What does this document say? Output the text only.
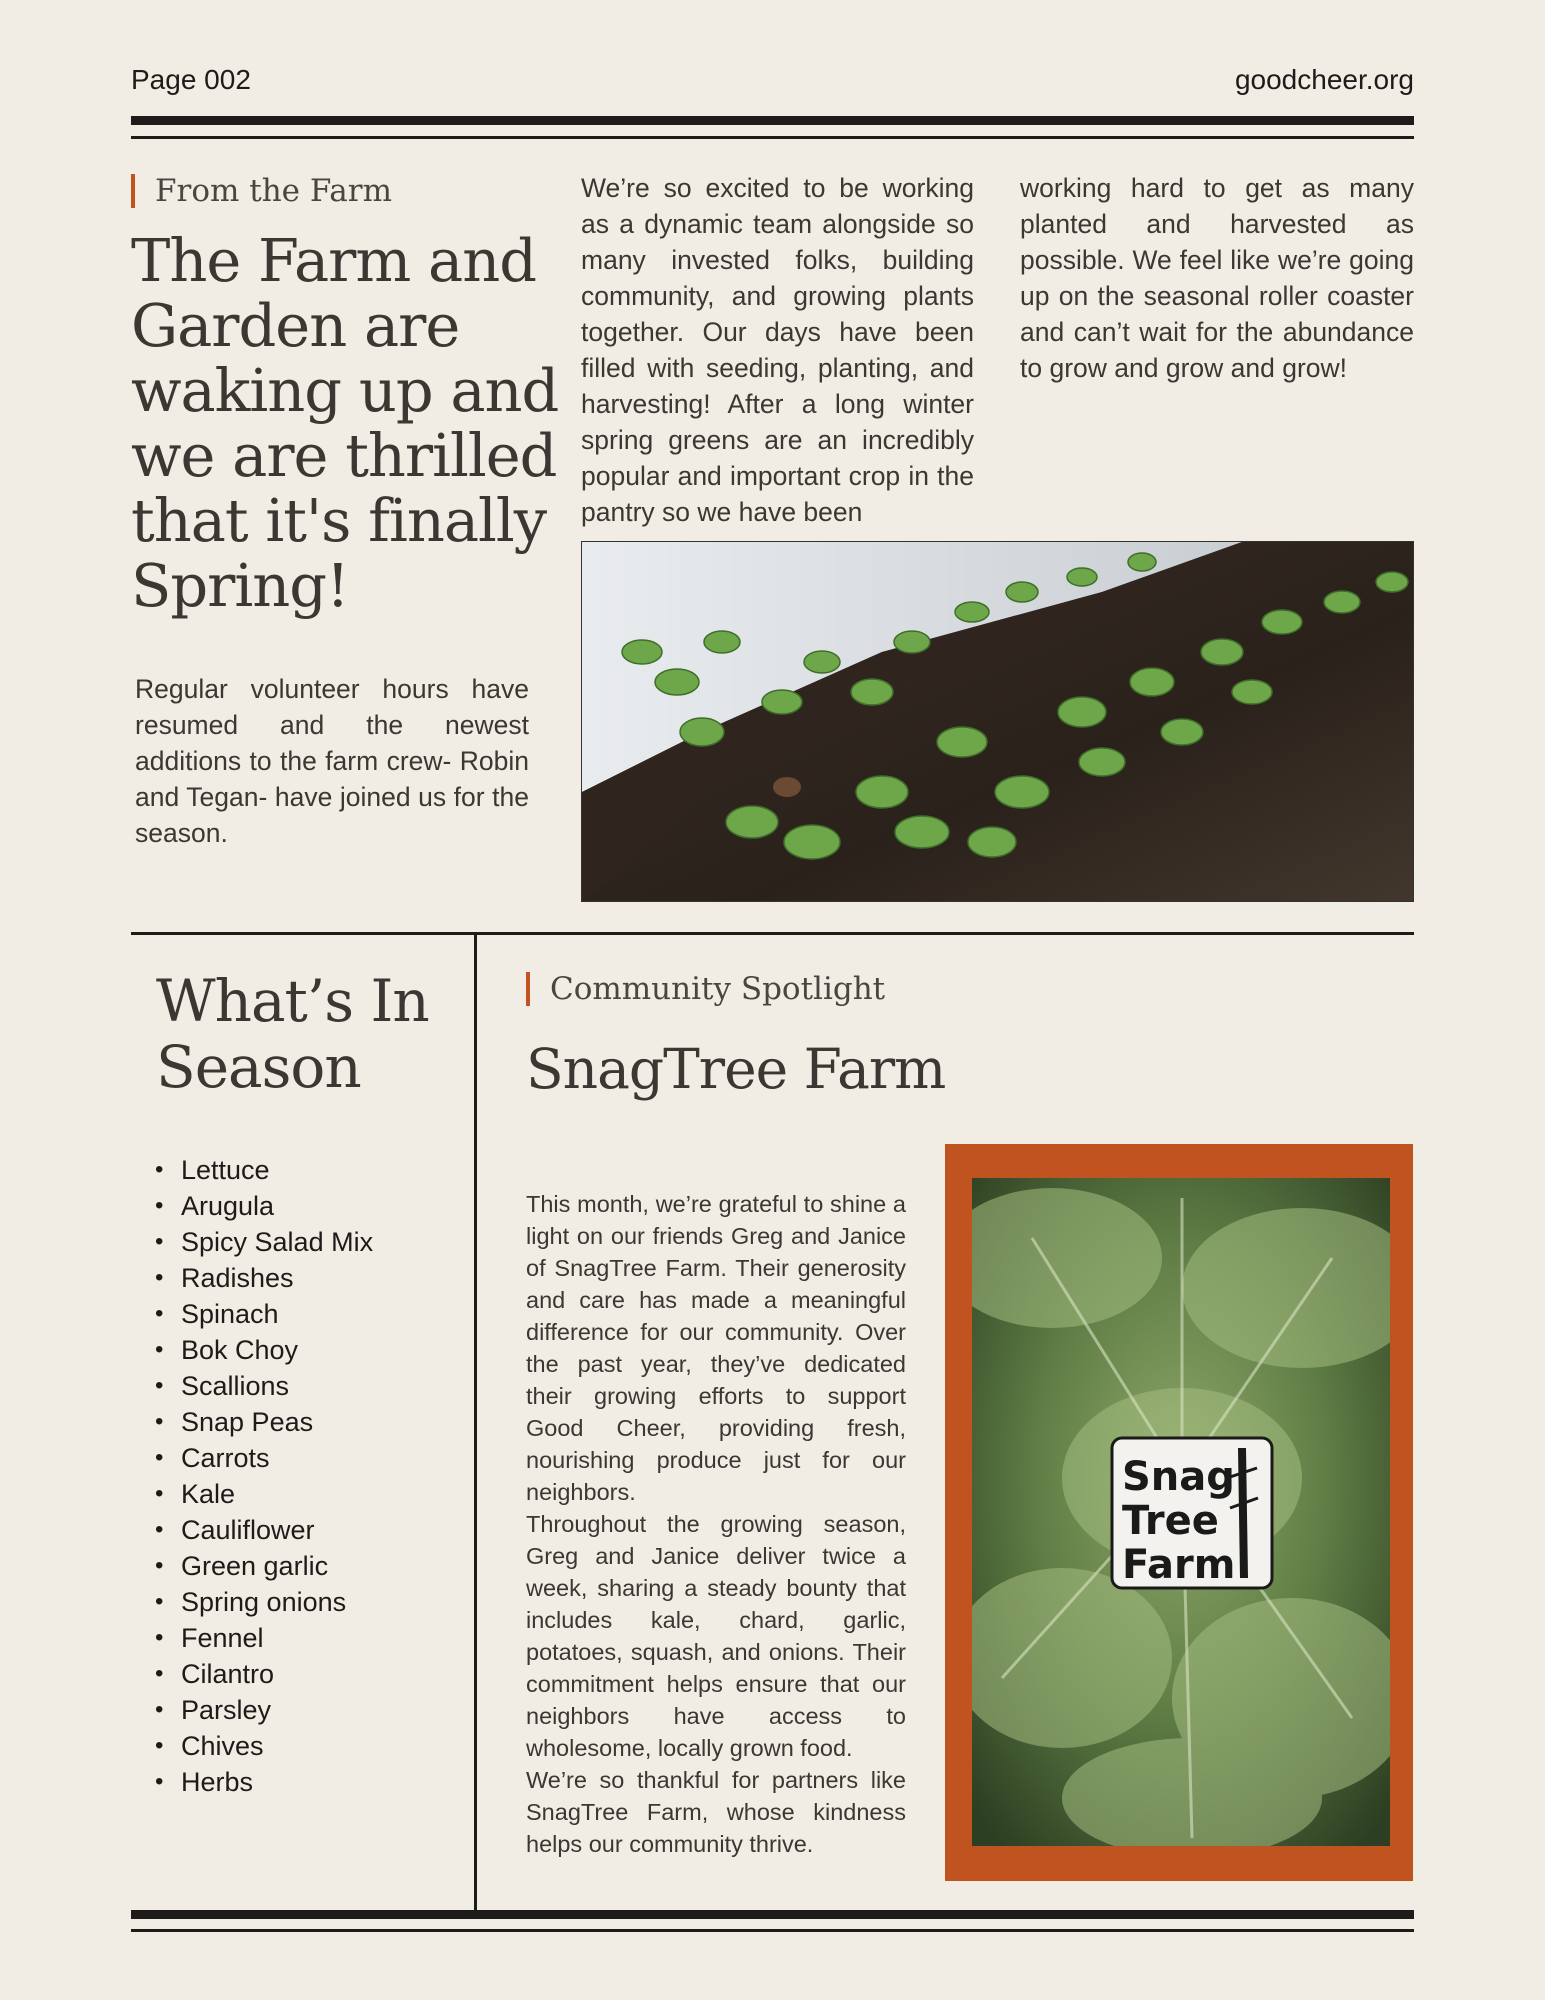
Page 002	goodcheer.org
From the Farm
The Farm and
Garden are
waking up and
we are thrilled
that it's finally
Spring!
Regular volunteer hours have resumed and the newest additions to the farm crew- Robin and Tegan- have joined us for the season.
We’re so excited to be working as a dynamic team alongside so many invested folks, building community, and growing plants together. Our days have been filled with seeding, planting, and harvesting! After a long winter spring greens are an incredibly popular and important crop in the pantry so we have been
working hard to get as many planted and harvested as possible. We feel like we’re going up on the seasonal roller coaster and can’t wait for the abundance to grow and grow and grow!
What’s In
Season
• Lettuce
• Arugula
• Spicy Salad Mix
• Radishes
• Spinach
• Bok Choy
• Scallions
• Snap Peas
• Carrots
• Kale
• Cauliflower
• Green garlic
• Spring onions
• Fennel
• Cilantro
• Parsley
• Chives
• Herbs
Community Spotlight
SnagTree Farm
This month, we’re grateful to shine a light on our friends Greg and Janice of SnagTree Farm. Their generosity and care has made a meaningful difference for our community. Over the past year, they’ve dedicated their growing efforts to support Good Cheer, providing fresh, nourishing produce just for our neighbors.
Throughout the growing season, Greg and Janice deliver twice a week, sharing a steady bounty that includes kale, chard, garlic, potatoes, squash, and onions. Their commitment helps ensure that our neighbors have access to wholesome, locally grown food.
We’re so thankful for partners like SnagTree Farm, whose kindness helps our community thrive.
Snag
Tree
Farm
